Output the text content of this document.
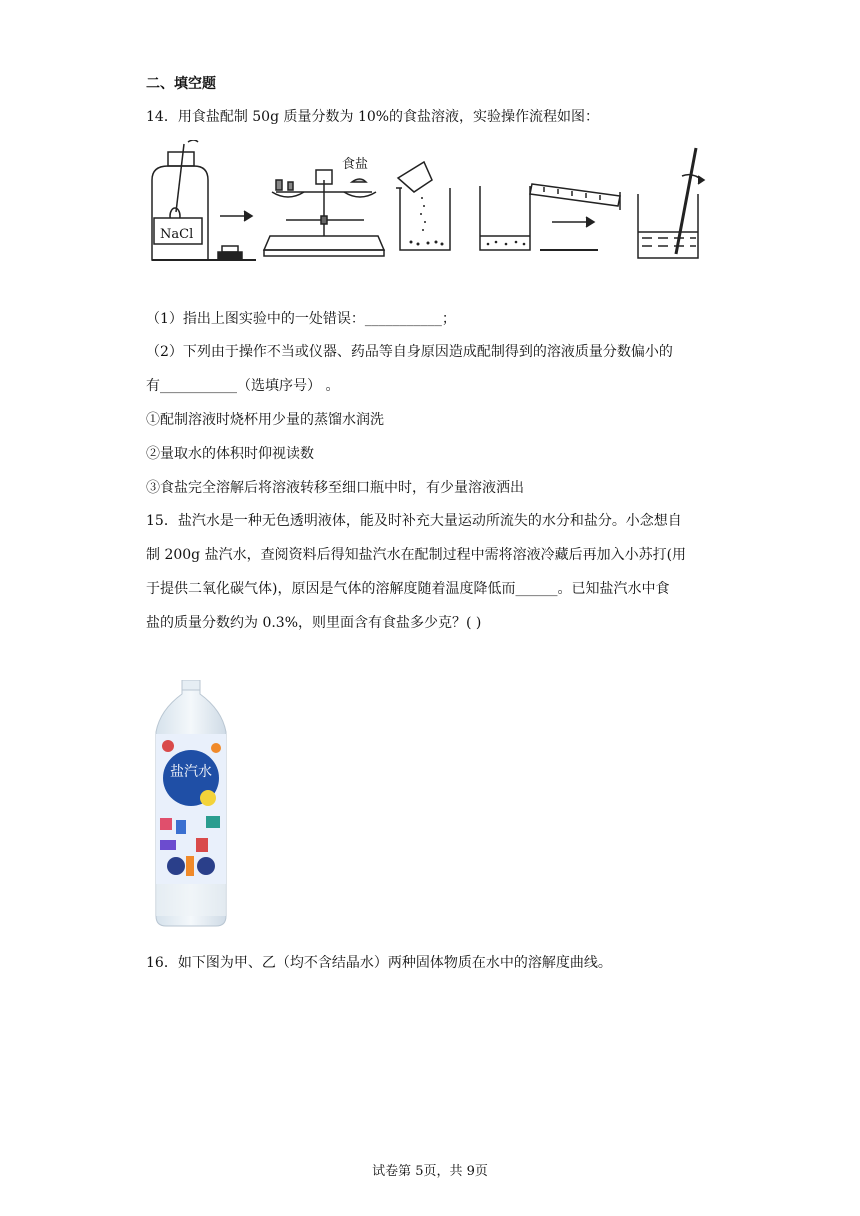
二、填空题
14．用食盐配制 50g 质量分数为 10%的食盐溶液，实验操作流程如图：
NaCl
食盐
（1）指出上图实验中的一处错误：___________；
（2）下列由于操作不当或仪器、药品等自身原因造成配制得到的溶液质量分数偏小的
有___________（选填序号） 。
①配制溶液时烧杯用少量的蒸馏水润洗
②量取水的体积时仰视读数
③食盐完全溶解后将溶液转移至细口瓶中时，有少量溶液洒出
15．盐汽水是一种无色透明液体，能及时补充大量运动所流失的水分和盐分。小念想自
制 200g 盐汽水，查阅资料后得知盐汽水在配制过程中需将溶液冷藏后再加入小苏打(用
于提供二氧化碳气体)，原因是气体的溶解度随着温度降低而______。已知盐汽水中食
盐的质量分数约为 0.3%，则里面含有食盐多少克？( )
盐汽水
16．如下图为甲、乙（均不含结晶水）两种固体物质在水中的溶解度曲线。
试卷第 5页，共 9页
